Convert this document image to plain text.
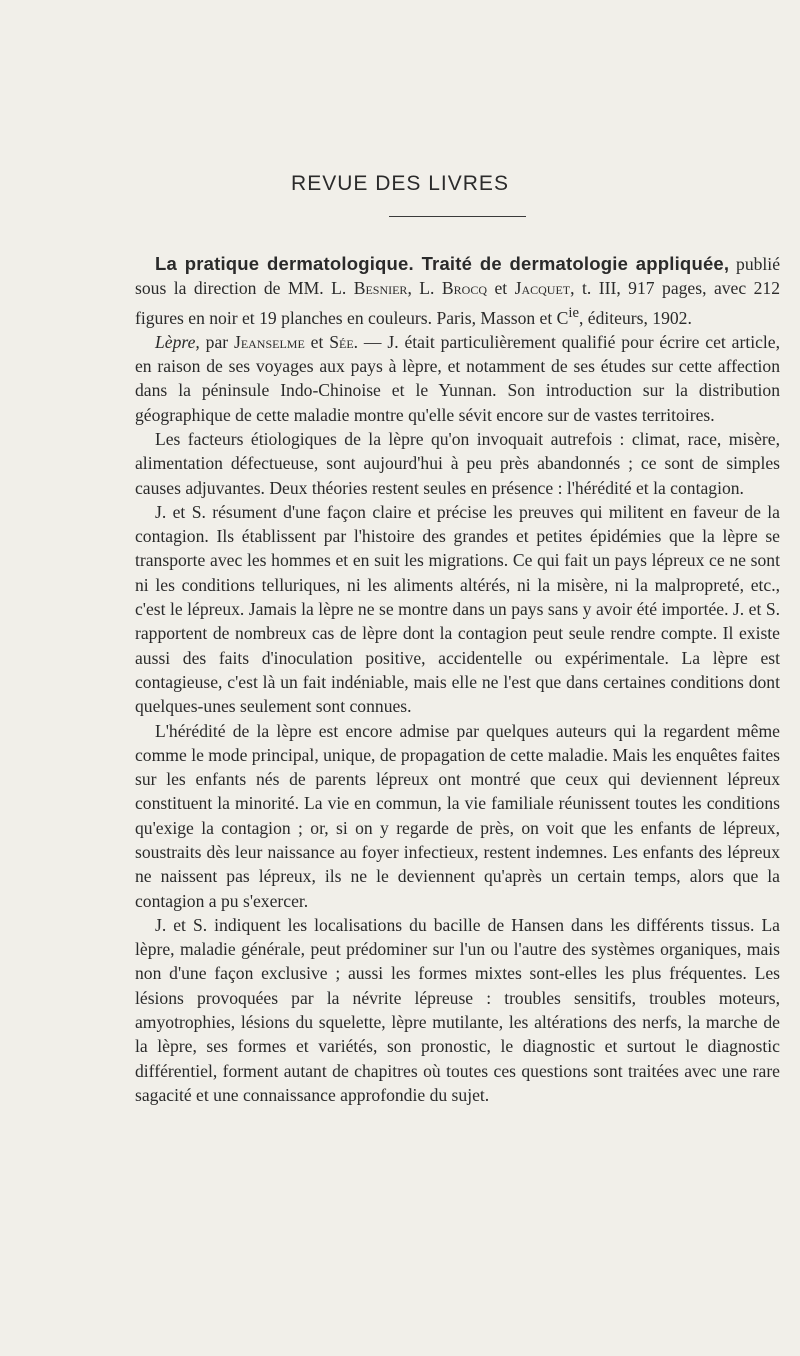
REVUE DES LIVRES

La pratique dermatologique. Traité de dermatologie appliquée, publié sous la direction de MM. L. Besnier, L. Brocq et Jacquet, t. III, 917 pages, avec 212 figures en noir et 19 planches en couleurs. Paris, Masson et $C^{ie}$, éditeurs, 1902.

Lèpre, par Jeanselme et Sée. — J. était particulièrement qualifié pour écrire cet article, en raison de ses voyages aux pays à lèpre, et notamment de ses études sur cette affection dans la péninsule Indo-Chinoise et le Yunnan. Son introduction sur la distribution géographique de cette maladie montre qu'elle sévit encore sur de vastes territoires.

Les facteurs étiologiques de la lèpre qu'on invoquait autrefois : climat, race, misère, alimentation défectueuse, sont aujourd'hui à peu près abandonnés ; ce sont de simples causes adjuvantes. Deux théories restent seules en présence : l'hérédité et la contagion.

J. et S. résument d'une façon claire et précise les preuves qui militent en faveur de la contagion. Ils établissent par l'histoire des grandes et petites épidémies que la lèpre se transporte avec les hommes et en suit les migrations. Ce qui fait un pays lépreux ce ne sont ni les conditions telluriques, ni les aliments altérés, ni la misère, ni la malpropreté, etc., c'est le lépreux. Jamais la lèpre ne se montre dans un pays sans y avoir été importée. J. et S. rapportent de nombreux cas de lèpre dont la contagion peut seule rendre compte. Il existe aussi des faits d'inoculation positive, accidentelle ou expérimentale. La lèpre est contagieuse, c'est là un fait indéniable, mais elle ne l'est que dans certaines conditions dont quelques-unes seulement sont connues.

L'hérédité de la lèpre est encore admise par quelques auteurs qui la regardent même comme le mode principal, unique, de propagation de cette maladie. Mais les enquêtes faites sur les enfants nés de parents lépreux ont montré que ceux qui deviennent lépreux constituent la minorité. La vie en commun, la vie familiale réunissent toutes les conditions qu'exige la contagion ; or, si on y regarde de près, on voit que les enfants de lépreux, soustraits dès leur naissance au foyer infectieux, restent indemnes. Les enfants des lépreux ne naissent pas lépreux, ils ne le deviennent qu'après un certain temps, alors que la contagion a pu s'exercer.

J. et S. indiquent les localisations du bacille de Hansen dans les différents tissus. La lèpre, maladie générale, peut prédominer sur l'un ou l'autre des systèmes organiques, mais non d'une façon exclusive ; aussi les formes mixtes sont-elles les plus fréquentes. Les lésions provoquées par la névrite lépreuse : troubles sensitifs, troubles moteurs, amyotrophies, lésions du squelette, lèpre mutilante, les altérations des nerfs, la marche de la lèpre, ses formes et variétés, son pronostic, le diagnostic et surtout le diagnostic différentiel, forment autant de chapitres où toutes ces questions sont traitées avec une rare sagacité et une connaissance approfondie du sujet.
